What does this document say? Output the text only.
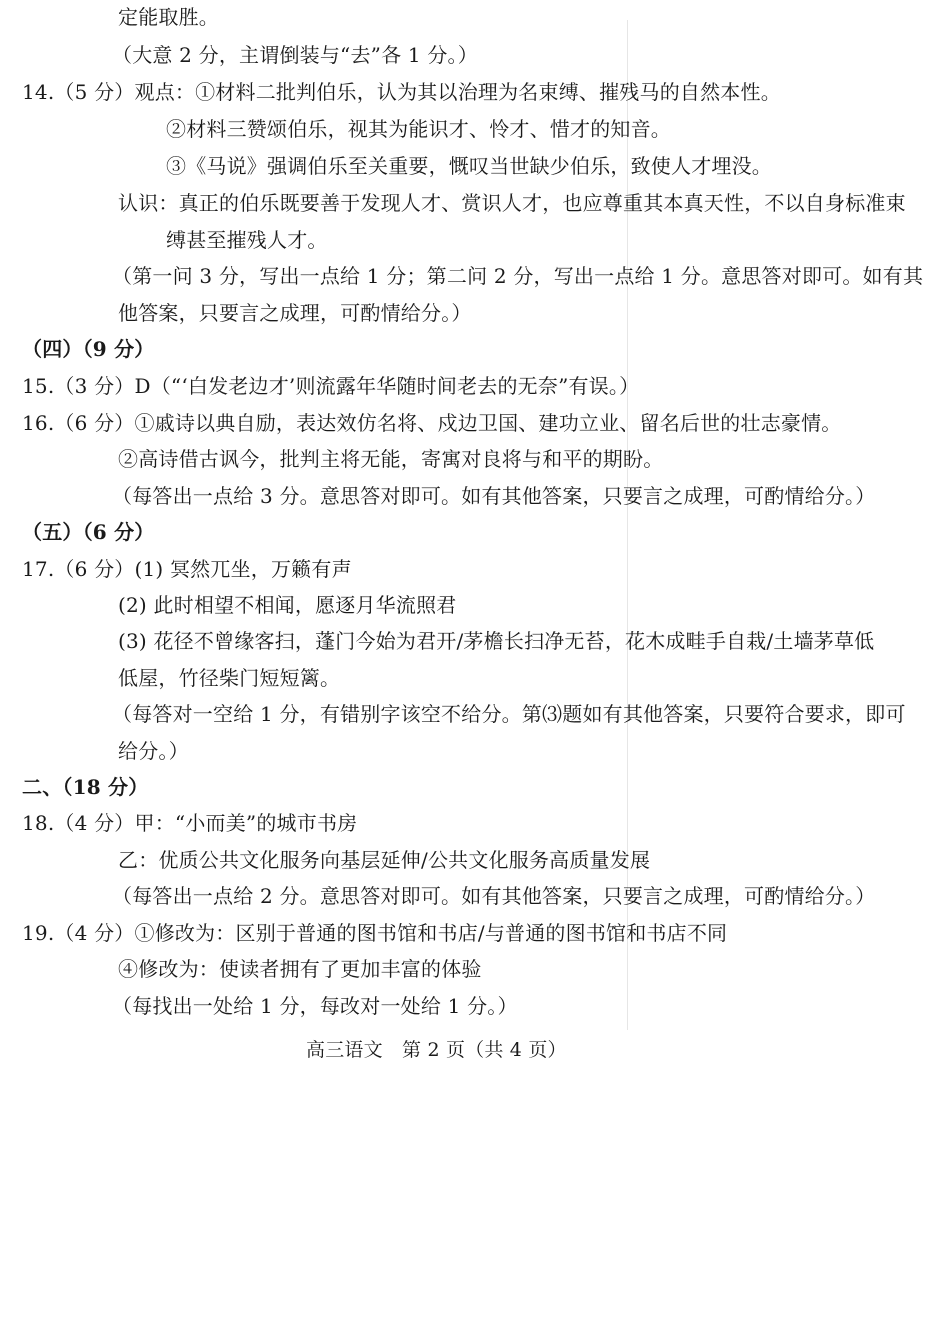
定能取胜。
（大意 2 分，主谓倒装与“去”各 1 分。）
14.（5 分）观点：①材料二批判伯乐，认为其以治理为名束缚、摧残马的自然本性。
②材料三赞颂伯乐，视其为能识才、怜才、惜才的知音。
③《马说》强调伯乐至关重要，慨叹当世缺少伯乐，致使人才埋没。
认识：真正的伯乐既要善于发现人才、赏识人才，也应尊重其本真天性，不以自身标准束
缚甚至摧残人才。
（第一问 3 分，写出一点给 1 分；第二问 2 分，写出一点给 1 分。意思答对即可。如有其
他答案，只要言之成理，可酌情给分。）
（四）（9 分）
15.（3 分）D（“‘白发老边才’则流露年华随时间老去的无奈”有误。）
16.（6 分）①戚诗以典自励，表达效仿名将、戍边卫国、建功立业、留名后世的壮志豪情。
②高诗借古讽今，批判主将无能，寄寓对良将与和平的期盼。
（每答出一点给 3 分。意思答对即可。如有其他答案，只要言之成理，可酌情给分。）
（五）（6 分）
17.（6 分）(1) 冥然兀坐，万籁有声
(2) 此时相望不相闻，愿逐月华流照君
(3) 花径不曾缘客扫，蓬门今始为君开/茅檐长扫净无苔，花木成畦手自栽/土墙茅草低
低屋，竹径柴门短短篱。
（每答对一空给 1 分，有错别字该空不给分。第⑶题如有其他答案，只要符合要求，即可
给分。）
二、（18 分）
18.（4 分）甲：“小而美”的城市书房
乙：优质公共文化服务向基层延伸/公共文化服务高质量发展
（每答出一点给 2 分。意思答对即可。如有其他答案，只要言之成理，可酌情给分。）
19.（4 分）①修改为：区别于普通的图书馆和书店/与普通的图书馆和书店不同
④修改为：使读者拥有了更加丰富的体验
（每找出一处给 1 分，每改对一处给 1 分。）
高三语文　第 2 页（共 4 页）
